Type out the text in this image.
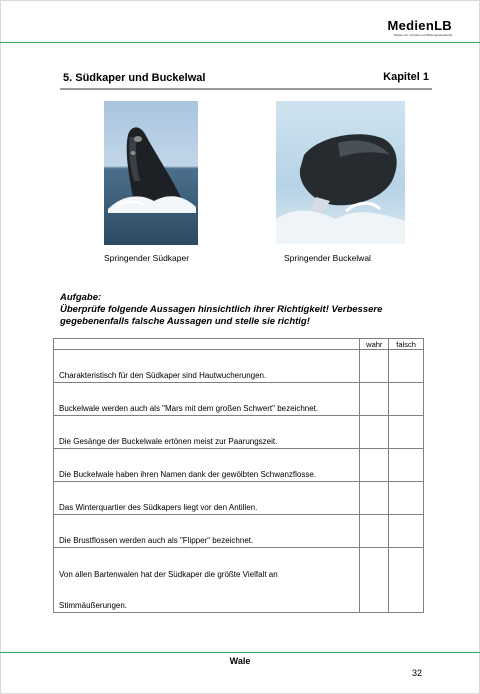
MedienLB
Medien für Lehrplan und Bildungsstandards
5. Südkaper und Buckelwal	Kapitel 1
Springender Südkaper	Springender Buckelwal
Aufgabe:
Überprüfe folgende Aussagen hinsichtlich ihrer Richtigkeit! Verbessere gegebenenfalls falsche Aussagen und stelle sie richtig!
	wahr	falsch
Charakteristisch für den Südkaper sind Hautwucherungen.		
Buckelwale werden auch als "Mars mit dem großen Schwert" bezeichnet.		
Die Gesänge der Buckelwale ertönen meist zur Paarungszeit.		
Die Buckelwale haben ihren Namen dank der gewölbten Schwanzflosse.		
Das Winterquartier des Südkapers liegt vor den Antillen.		
Die Brustflossen werden auch als "Flipper" bezeichnet.		

Von allen Bartenwalen hat der Südkaper die größte Vielfalt an
Stimmäußerungen.		

Wale
32
